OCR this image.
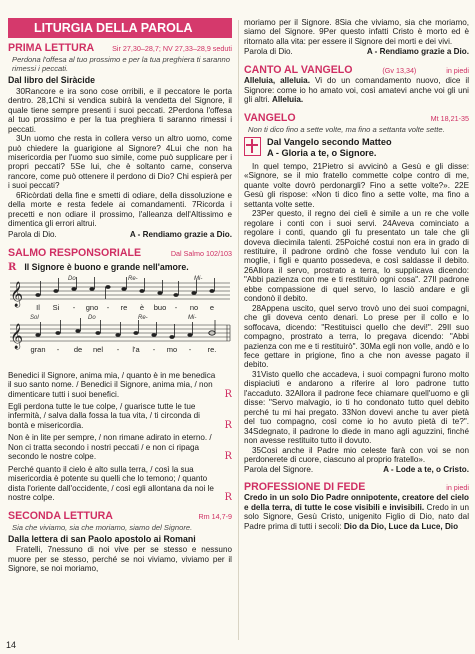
LITURGIA DELLA PAROLA
PRIMA LETTURA Sir 27,30–28,7; NV 27,33–28,9 seduti
Perdona l'offesa al tuo prossimo e per la tua preghiera ti saranno rimessi i peccati.
Dal libro del Siràcide

30Rancore e ira sono cose orribili, e il peccatore le porta dentro. 28,1Chi si vendica subirà la vendetta del Signore, il quale tiene sempre presenti i suoi peccati. 2Perdona l'offesa al tuo prossimo e per la tua preghiera ti saranno rimessi i peccati.

3Un uomo che resta in collera verso un altro uomo, come può chiedere la guarigione al Signore? 4Lui che non ha misericordia per l'uomo suo simile, come può supplicare per i propri peccati? 5Se lui, che è soltanto carne, conserva rancore, come può ottenere il perdono di Dio? Chi espierà per i suoi peccati?

6Ricòrdati della fine e smetti di odiare, della dissoluzione e della morte e resta fedele ai comandamenti. 7Ricorda i precetti e non odiare il prossimo, l'alleanza dell'Altissimo e dimentica gli errori altrui.

Parola di Dio.	A - Rendiamo grazie a Dio.
SALMO RESPONSORIALE	Dal Salmo 102/103
R Il Signore è buono e grande nell'amore.
𝄞
𝄞
Do	Re-	Mi-
Sol	Do	Re-	Mi-
Il Si - gno - re è buo - no e
gran - de nel - l'a - mo - re.
Benedici il Signore, anima mia, / quanto è in me benedica il suo santo nome. / Benedici il Signore, anima mia, / non dimenticare tutti i suoi benefici.	R
Egli perdona tutte le tue colpe, / guarisce tutte le tue infermità, / salva dalla fossa la tua vita, / ti circonda di bontà e misericordia.	R
Non è in lite per sempre, / non rimane adirato in eterno. / Non ci tratta secondo i nostri peccati / e non ci ripaga secondo le nostre colpe.	R
Perché quanto il cielo è alto sulla terra, / così la sua misericordia è potente su quelli che lo temono; / quanto dista l'oriente dall'occidente, / così egli allontana da noi le nostre colpe.	R
SECONDA LETTURA	Rm 14,7-9
Sia che viviamo, sia che moriamo, siamo del Signore.
Dalla lettera di san Paolo apostolo ai Romani

Fratelli, 7nessuno di noi vive per se stesso e nessuno muore per se stesso, perché se noi viviamo, viviamo per il Signore, se noi moriamo,

14

moriamo per il Signore. 8Sia che viviamo, sia che moriamo, siamo del Signore. 9Per questo infatti Cristo è morto ed è ritornato alla vita: per essere il Signore dei morti e dei vivi.

Parola di Dio.	A - Rendiamo grazie a Dio.
CANTO AL VANGELO	(Gv 13,34)	in piedi

Alleluia, alleluia. Vi do un comandamento nuovo, dice il Signore: come io ho amato voi, così amatevi anche voi gli uni gli altri. Alleluia.

VANGELO	Mt 18,21-35
Non ti dico fino a sette volte, ma fino a settanta volte sette.
Dal Vangelo secondo Matteo
A - Gloria a te, o Signore.

In quel tempo, 21Pietro si avvicinò a Gesù e gli disse: «Signore, se il mio fratello commette colpe contro di me, quante volte dovrò perdonargli? Fino a sette volte?». 22E Gesù gli rispose: «Non ti dico fino a sette volte, ma fino a settanta volte sette.

23Per questo, il regno dei cieli è simile a un re che volle regolare i conti con i suoi servi. 24Aveva cominciato a regolare i conti, quando gli fu presentato un tale che gli doveva diecimila talenti. 25Poiché costui non era in grado di restituire, il padrone ordinò che fosse venduto lui con la moglie, i figli e quanto possedeva, e così saldasse il debito. 26Allora il servo, prostrato a terra, lo supplicava dicendo: "Abbi pazienza con me e ti restituirò ogni cosa". 27Il padrone ebbe compassione di quel servo, lo lasciò andare e gli condonò il debito.

28Appena uscito, quel servo trovò uno dei suoi compagni, che gli doveva cento denari. Lo prese per il collo e lo soffocava, dicendo: "Restituisci quello che devi!". 29Il suo compagno, prostrato a terra, lo pregava dicendo: "Abbi pazienza con me e ti restituirò". 30Ma egli non volle, andò e lo fece gettare in prigione, fino a che non avesse pagato il debito.

31Visto quello che accadeva, i suoi compagni furono molto dispiaciuti e andarono a riferire al loro padrone tutto l'accaduto. 32Allora il padrone fece chiamare quell'uomo e gli disse: "Servo malvagio, io ti ho condonato tutto quel debito perché tu mi hai pregato. 33Non dovevi anche tu aver pietà del tuo compagno, così come io ho avuto pietà di te?". 34Sdegnato, il padrone lo diede in mano agli aguzzini, finché non avesse restituito tutto il dovuto.

35Così anche il Padre mio celeste farà con voi se non perdonerete di cuore, ciascuno al proprio fratello».

Parola del Signore.	A - Lode a te, o Cristo.
PROFESSIONE DI FEDE	in piedi

Credo in un solo Dio Padre onnipotente, creatore del cielo e della terra, di tutte le cose visibili e invisibili. Credo in un solo Signore, Gesù Cristo, unigenito Figlio di Dio, nato dal Padre prima di tutti i secoli: Dio da Dio, Luce da Luce, Dio
